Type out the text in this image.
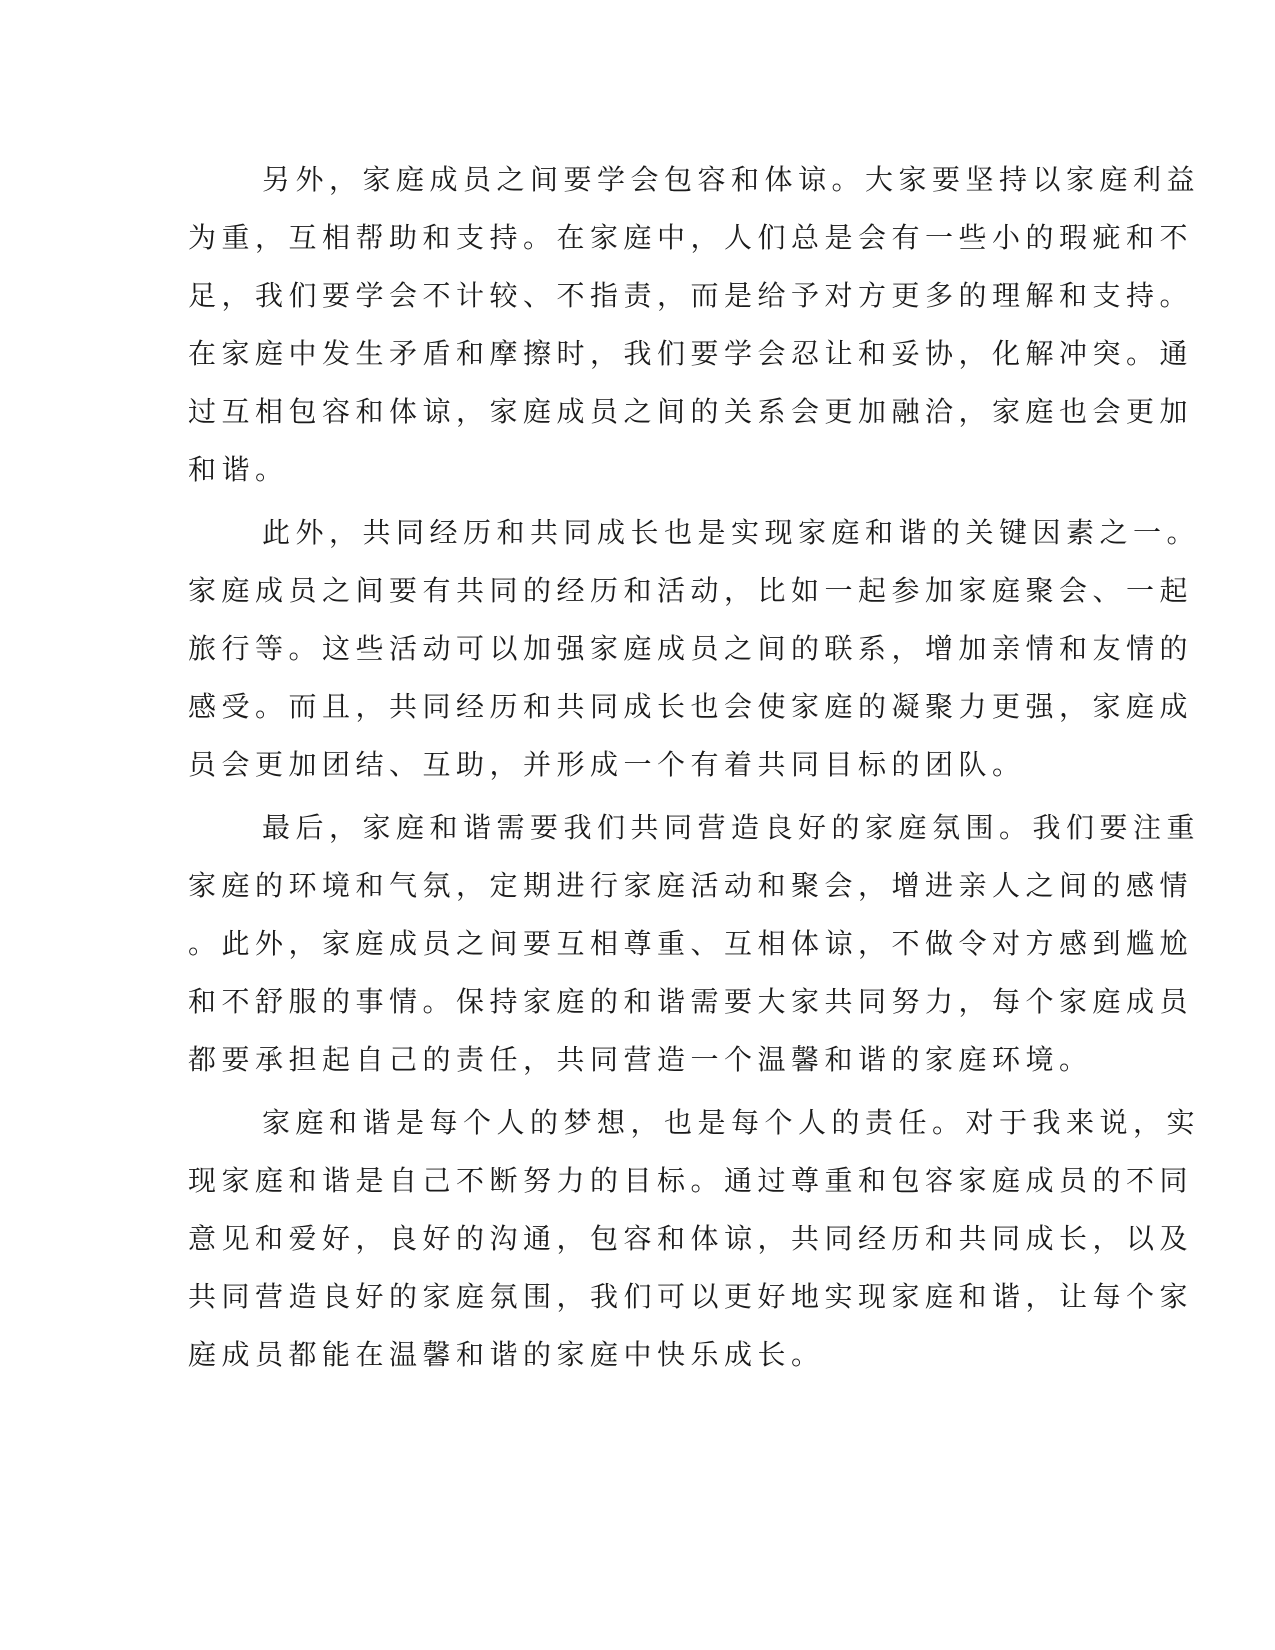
另外，家庭成员之间要学会包容和体谅。大家要坚持以家庭利益
为重，互相帮助和支持。在家庭中，人们总是会有一些小的瑕疵和不
足，我们要学会不计较、不指责，而是给予对方更多的理解和支持。
在家庭中发生矛盾和摩擦时，我们要学会忍让和妥协，化解冲突。通
过互相包容和体谅，家庭成员之间的关系会更加融洽，家庭也会更加
和谐。
此外，共同经历和共同成长也是实现家庭和谐的关键因素之一。
家庭成员之间要有共同的经历和活动，比如一起参加家庭聚会、一起
旅行等。这些活动可以加强家庭成员之间的联系，增加亲情和友情的
感受。而且，共同经历和共同成长也会使家庭的凝聚力更强，家庭成
员会更加团结、互助，并形成一个有着共同目标的团队。
最后，家庭和谐需要我们共同营造良好的家庭氛围。我们要注重
家庭的环境和气氛，定期进行家庭活动和聚会，增进亲人之间的感情
。此外，家庭成员之间要互相尊重、互相体谅，不做令对方感到尴尬
和不舒服的事情。保持家庭的和谐需要大家共同努力，每个家庭成员
都要承担起自己的责任，共同营造一个温馨和谐的家庭环境。
家庭和谐是每个人的梦想，也是每个人的责任。对于我来说，实
现家庭和谐是自己不断努力的目标。通过尊重和包容家庭成员的不同
意见和爱好，良好的沟通，包容和体谅，共同经历和共同成长，以及
共同营造良好的家庭氛围，我们可以更好地实现家庭和谐，让每个家
庭成员都能在温馨和谐的家庭中快乐成长。
